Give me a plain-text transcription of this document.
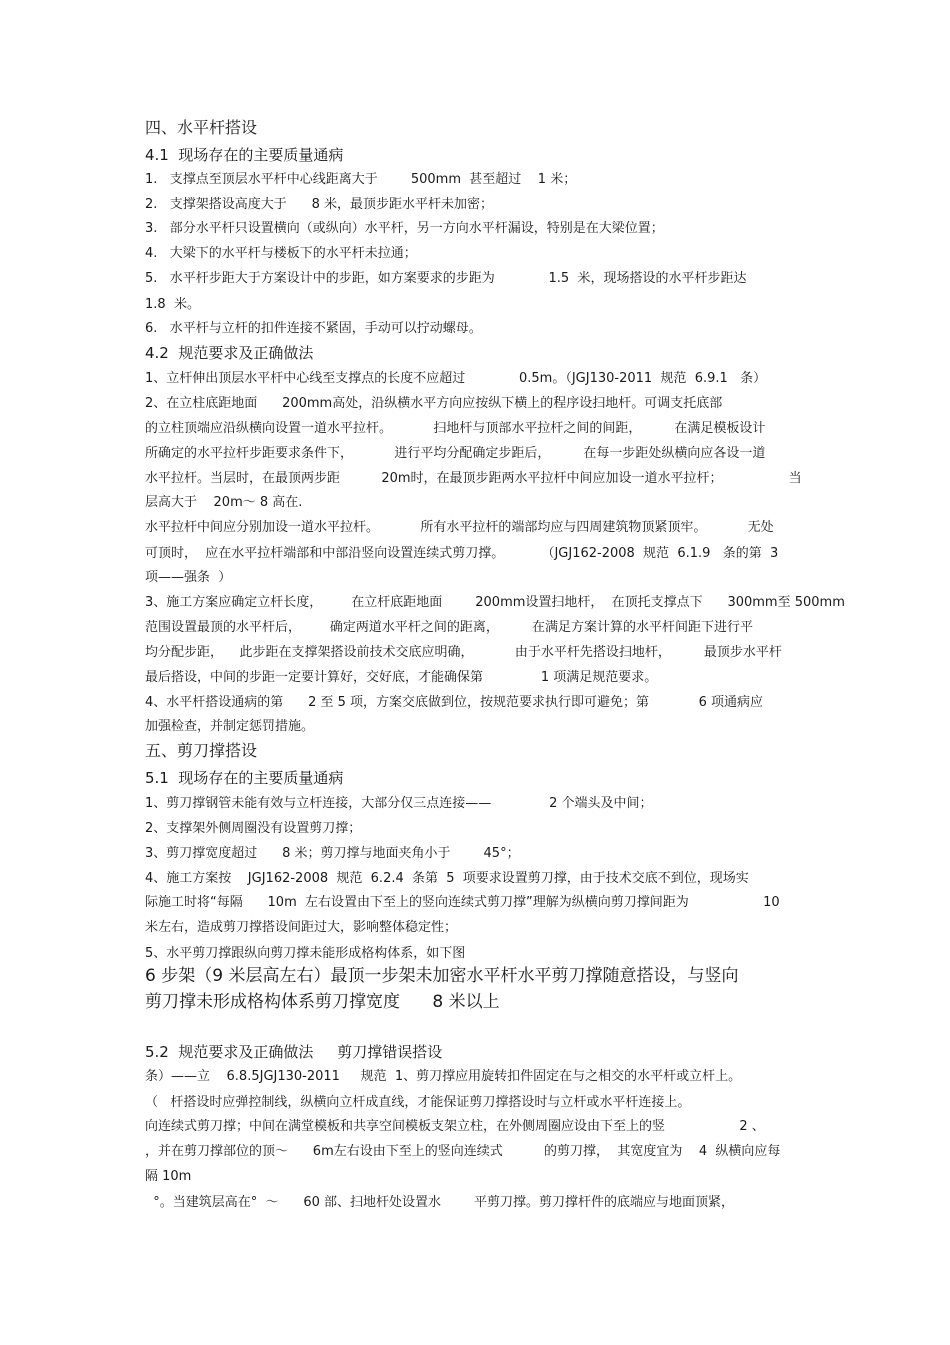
四、水平杆搭设
4.1  现场存在的主要质量通病
1.   支撑点至顶层水平杆中心线距离大于        500mm  甚至超过    1 米；
2.   支撑架搭设高度大于      8 米，最顶步距水平杆未加密；
3.   部分水平杆只设置横向（或纵向）水平杆，另一方向水平杆漏设，特别是在大梁位置；
4.   大梁下的水平杆与楼板下的水平杆未拉通；
5.   水平杆步距大于方案设计中的步距，如方案要求的步距为             1.5  米，现场搭设的水平杆步距达
1.8  米。
6.   水平杆与立杆的扣件连接不紧固，手动可以拧动螺母。
4.2  规范要求及正确做法
1、立杆伸出顶层水平杆中心线至支撑点的长度不应超过             0.5m。（JGJ130-2011  规范  6.9.1   条）
2、在立柱底距地面      200mm高处，沿纵横水平方向应按纵下横上的程序设扫地杆。可调支托底部
的立柱顶端应沿纵横向设置一道水平拉杆。          扫地杆与顶部水平拉杆之间的间距，        在满足模板设计
所确定的水平拉杆步距要求条件下，          进行平均分配确定步距后，        在每一步距处纵横向应各设一道
水平拉杆。当层时，在最顶两步距          20m时，在最顶步距两水平拉杆中间应加设一道水平拉杆；                当
层高大于    20m～ 8 高在.
水平拉杆中间应分别加设一道水平拉杆。          所有水平拉杆的端部均应与四周建筑物顶紧顶牢。          无处
可顶时，  应在水平拉杆端部和中部沿竖向设置连续式剪刀撑。         （JGJ162-2008  规范  6.1.9   条的第  3
项——强条  ）
3、施工方案应确定立杆长度，       在立杆底距地面        200mm设置扫地杆，  在顶托支撑点下      300mm至 500mm
范围设置最顶的水平杆后，       确定两道水平杆之间的距离，        在满足方案计算的水平杆间距下进行平
均分配步距，    此步距在支撑架搭设前技术交底应明确，          由于水平杆先搭设扫地杆，        最顶步水平杆
最后搭设，中间的步距一定要计算好，交好底，才能确保第              1 项满足规范要求。
4、水平杆搭设通病的第      2 至 5 项，方案交底做到位，按规范要求执行即可避免；第            6 项通病应
加强检查，并制定惩罚措施。
五、剪刀撑搭设
5.1  现场存在的主要质量通病
1、剪刀撑钢管未能有效与立杆连接，大部分仅三点连接——              2 个端头及中间；
2、支撑架外侧周圈没有设置剪刀撑；
3、剪刀撑宽度超过      8 米；剪刀撑与地面夹角小于        45°；
4、施工方案按    JGJ162-2008  规范  6.2.4  条第  5  项要求设置剪刀撑，由于技术交底不到位，现场实
际施工时将“每隔      10m  左右设置由下至上的竖向连续式剪刀撑”理解为纵横向剪刀撑间距为                  10
米左右，造成剪刀撑搭设间距过大，影响整体稳定性；
5、水平剪刀撑跟纵向剪刀撑未能形成格构体系，如下图
6 步架（9 米层高左右）最顶一步架未加密水平杆水平剪刀撑随意搭设，与竖向
剪刀撑未形成格构体系剪刀撑宽度      8 米以上
5.2  规范要求及正确做法     剪刀撑错误搭设
条）——立    6.8.5JGJ130-2011     规范  1、剪刀撑应用旋转扣件固定在与之相交的水平杆或立杆上。
（   杆搭设时应弹控制线，纵横向立杆成直线，才能保证剪刀撑搭设时与立杆或水平杆连接上。
向连续式剪刀撑；中间在满堂模板和共享空间模板支架立柱，在外侧周圈应设由下至上的竖                  2 、
，并在剪刀撑部位的顶～      6m左右设由下至上的竖向连续式          的剪刀撑，  其宽度宜为    4  纵横向应每
隔 10m
°。当建筑层高在°  ～      60 部、扫地杆处设置水        平剪刀撑。剪刀撑杆件的底端应与地面顶紧，
